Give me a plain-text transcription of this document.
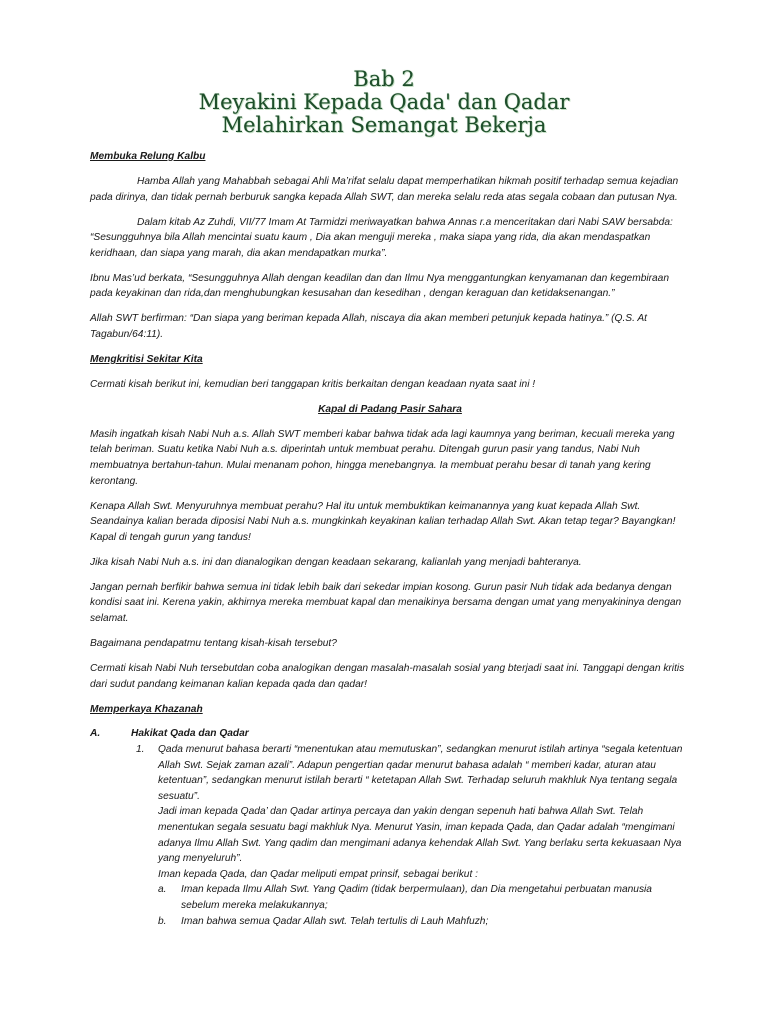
Bab 2
Meyakini Kepada Qada' dan Qadar
Melahirkan Semangat Bekerja

Membuka Relung Kalbu

Hamba Allah yang Mahabbah sebagai Ahli Ma’rifat selalu dapat memperhatikan hikmah positif terhadap semua kejadian pada dirinya, dan tidak pernah berburuk sangka kepada Allah SWT, dan mereka selalu reda atas segala cobaan dan putusan Nya.

Dalam kitab Az Zuhdi, VII/77 Imam At Tarmidzi meriwayatkan bahwa Annas r.a menceritakan dari Nabi SAW bersabda: “Sesungguhnya bila Allah mencintai suatu kaum , Dia akan menguji mereka , maka siapa yang rida, dia akan mendaspatkan keridhaan, dan siapa yang marah, dia akan mendapatkan murka”.

Ibnu Mas’ud berkata, “Sesungguhnya Allah dengan keadilan dan dan Ilmu Nya menggantungkan kenyamanan dan kegembiraan pada keyakinan dan rida,dan menghubungkan kesusahan dan kesedihan , dengan keraguan dan ketidaksenangan.”

Allah SWT berfirman: “Dan siapa yang beriman kepada Allah, niscaya dia akan memberi petunjuk kepada hatinya.” (Q.S. At Tagabun/64:11).

Mengkritisi Sekitar Kita

Cermati kisah berikut ini, kemudian beri tanggapan kritis berkaitan dengan keadaan nyata saat ini !

Kapal di Padang Pasir Sahara

Masih ingatkah kisah Nabi Nuh a.s. Allah SWT memberi kabar bahwa tidak ada lagi kaumnya yang beriman, kecuali mereka yang telah beriman. Suatu ketika Nabi Nuh a.s. diperintah untuk membuat perahu. Ditengah gurun pasir yang tandus, Nabi Nuh membuatnya bertahun-tahun. Mulai menanam pohon, hingga menebangnya. Ia membuat perahu besar di tanah yang kering kerontang.

Kenapa Allah Swt. Menyuruhnya membuat perahu? Hal itu untuk membuktikan keimanannya yang kuat kepada Allah Swt. Seandainya kalian berada diposisi Nabi Nuh a.s. mungkinkah keyakinan kalian terhadap Allah Swt. Akan tetap tegar? Bayangkan! Kapal di tengah gurun yang tandus!

Jika kisah Nabi Nuh a.s. ini dan dianalogikan dengan keadaan sekarang, kalianlah yang menjadi bahteranya.

Jangan pernah berfikir bahwa semua ini tidak lebih baik dari sekedar impian kosong. Gurun pasir Nuh tidak ada bedanya dengan kondisi saat ini. Kerena yakin, akhirnya mereka membuat kapal dan menaikinya bersama dengan umat yang menyakininya dengan selamat.

Bagaimana pendapatmu tentang kisah-kisah tersebut?

Cermati kisah Nabi Nuh tersebutdan coba analogikan dengan masalah-masalah sosial yang bterjadi saat ini. Tanggapi dengan kritis dari sudut pandang keimanan kalian kepada qada dan qadar!

Memperkaya Khazanah

A.	Hakikat Qada dan Qadar

1. Qada menurut bahasa berarti “menentukan atau memutuskan”, sedangkan menurut istilah artinya “segala ketentuan Allah Swt. Sejak zaman azali”. Adapun pengertian qadar menurut bahasa adalah “ memberi kadar, aturan atau ketentuan”, sedangkan menurut istilah berarti “ ketetapan Allah Swt. Terhadap seluruh makhluk Nya tentang segala sesuatu”.

Jadi iman kepada Qada’ dan Qadar artinya percaya dan yakin dengan sepenuh hati bahwa Allah Swt. Telah menentukan segala sesuatu bagi makhluk Nya. Menurut Yasin, iman kepada Qada, dan Qadar adalah “mengimani adanya Ilmu Allah Swt. Yang qadim dan mengimani adanya kehendak Allah Swt. Yang berlaku serta kekuasaan Nya yang menyeluruh”.

Iman kepada Qada, dan Qadar meliputi empat prinsif, sebagai berikut :

a. Iman kepada Ilmu Allah Swt. Yang Qadim (tidak berpermulaan), dan Dia mengetahui perbuatan manusia sebelum mereka melakukannya;
b. Iman bahwa semua Qadar Allah swt. Telah tertulis di Lauh Mahfuzh;
